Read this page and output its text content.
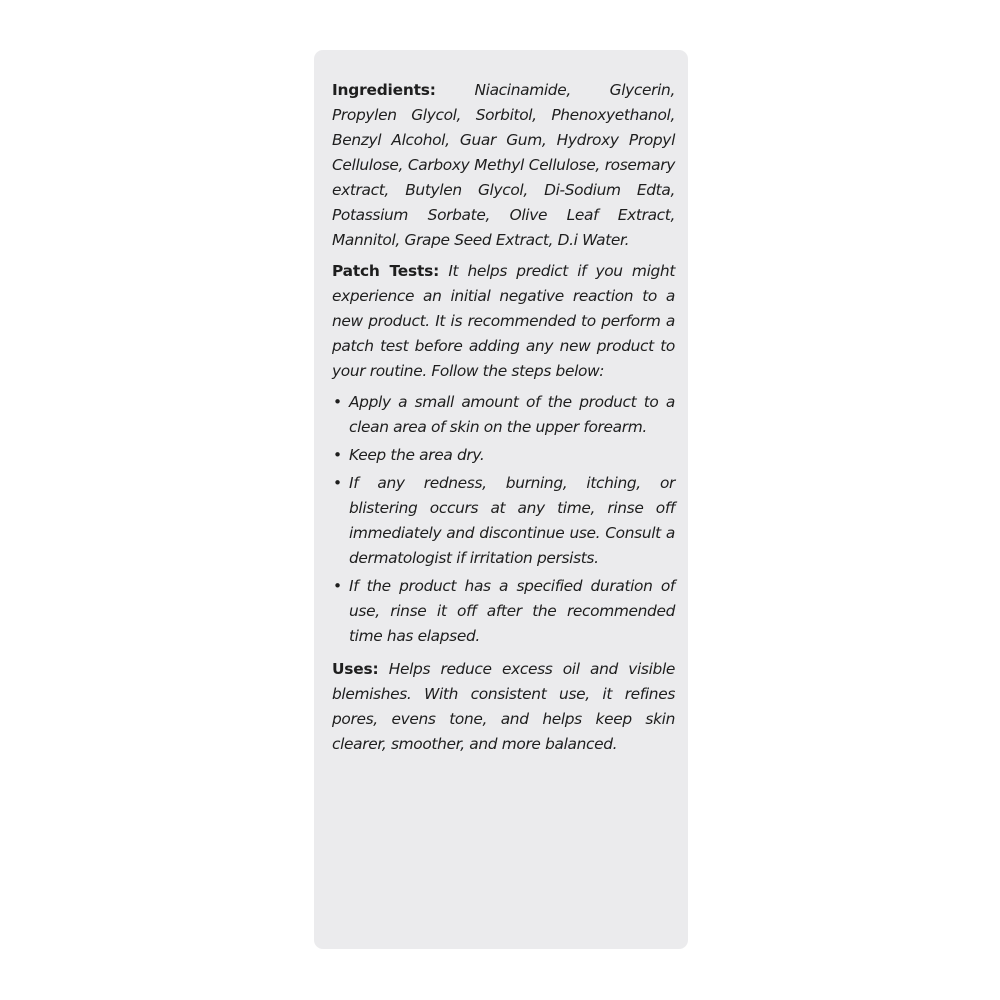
Ingredients:	Niacinamide, Glycerin, Propylen Glycol, Sorbitol, Phenoxyethanol, Benzyl Alcohol, Guar Gum, Hydroxy Propyl Cellulose, Carboxy Methyl Cellulose, rosemary extract, Butylen Glycol, Di-Sodium Edta, Potassium Sorbate, Olive Leaf Extract, Mannitol, Grape Seed Extract, D.i Water.

Patch Tests: It helps predict if you might experience an initial negative reaction to a new product. It is recommended to perform a patch test before adding any new product to your routine. Follow the steps below:

• Apply a small amount of the product to a clean area of skin on the upper forearm.
• Keep the area dry.
• If any redness, burning, itching, or blistering occurs at any time, rinse off immediately and discontinue use. Consult a dermatologist if irritation persists.
• If the product has a specified duration of use, rinse it off after the recommended time has elapsed.

Uses: Helps reduce excess oil and visible blemishes. With consistent use, it refines pores, evens tone, and helps keep skin clearer, smoother, and more balanced.
